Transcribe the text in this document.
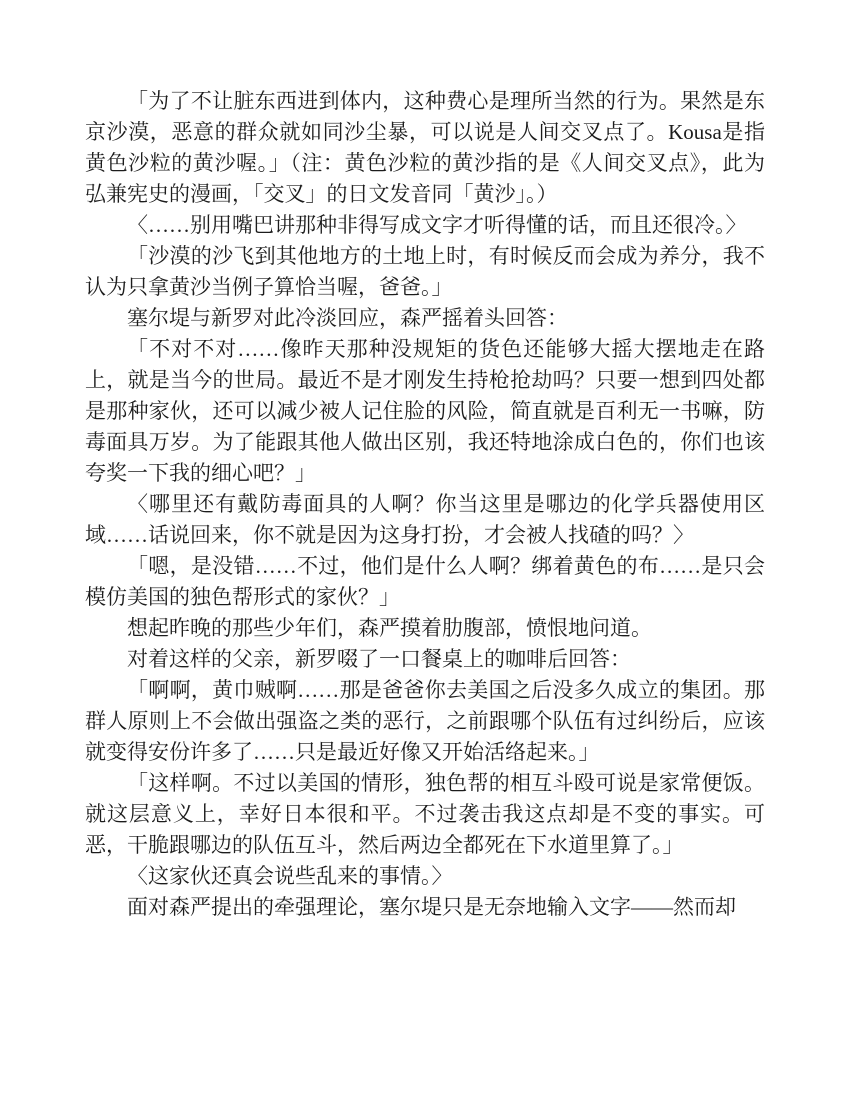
「为了不让脏东西进到体内，这种费心是理所当然的行为。果然是东京沙漠，恶意的群众就如同沙尘暴，可以说是人间交叉点了。Kousa是指黄色沙粒的黄沙喔。」（注：黄色沙粒的黄沙指的是《人间交叉点》，此为弘兼宪史的漫画，「交叉」的日文发音同「黄沙」。）

〈……别用嘴巴讲那种非得写成文字才听得懂的话，而且还很冷。〉

「沙漠的沙飞到其他地方的土地上时，有时候反而会成为养分，我不认为只拿黄沙当例子算恰当喔，爸爸。」

塞尔堤与新罗对此冷淡回应，森严摇着头回答：

「不对不对……像昨天那种没规矩的货色还能够大摇大摆地走在路上，就是当今的世局。最近不是才刚发生持枪抢劫吗？只要一想到四处都是那种家伙，还可以减少被人记住脸的风险，简直就是百利无一书嘛，防毒面具万岁。为了能跟其他人做出区别，我还特地涂成白色的，你们也该夸奖一下我的细心吧？」

〈哪里还有戴防毒面具的人啊？你当这里是哪边的化学兵器使用区域……话说回来，你不就是因为这身打扮，才会被人找碴的吗？〉

「嗯，是没错……不过，他们是什么人啊？绑着黄色的布……是只会模仿美国的独色帮形式的家伙？」

想起昨晚的那些少年们，森严摸着肋腹部，愤恨地问道。

对着这样的父亲，新罗啜了一口餐桌上的咖啡后回答：

「啊啊，黄巾贼啊……那是爸爸你去美国之后没多久成立的集团。那群人原则上不会做出强盗之类的恶行，之前跟哪个队伍有过纠纷后，应该就变得安份许多了……只是最近好像又开始活络起来。」

「这样啊。不过以美国的情形，独色帮的相互斗殴可说是家常便饭。就这层意义上，幸好日本很和平。不过袭击我这点却是不变的事实。可恶，干脆跟哪边的队伍互斗，然后两边全都死在下水道里算了。」

〈这家伙还真会说些乱来的事情。〉

面对森严提出的牵强理论，塞尔堤只是无奈地输入文字——然而却
